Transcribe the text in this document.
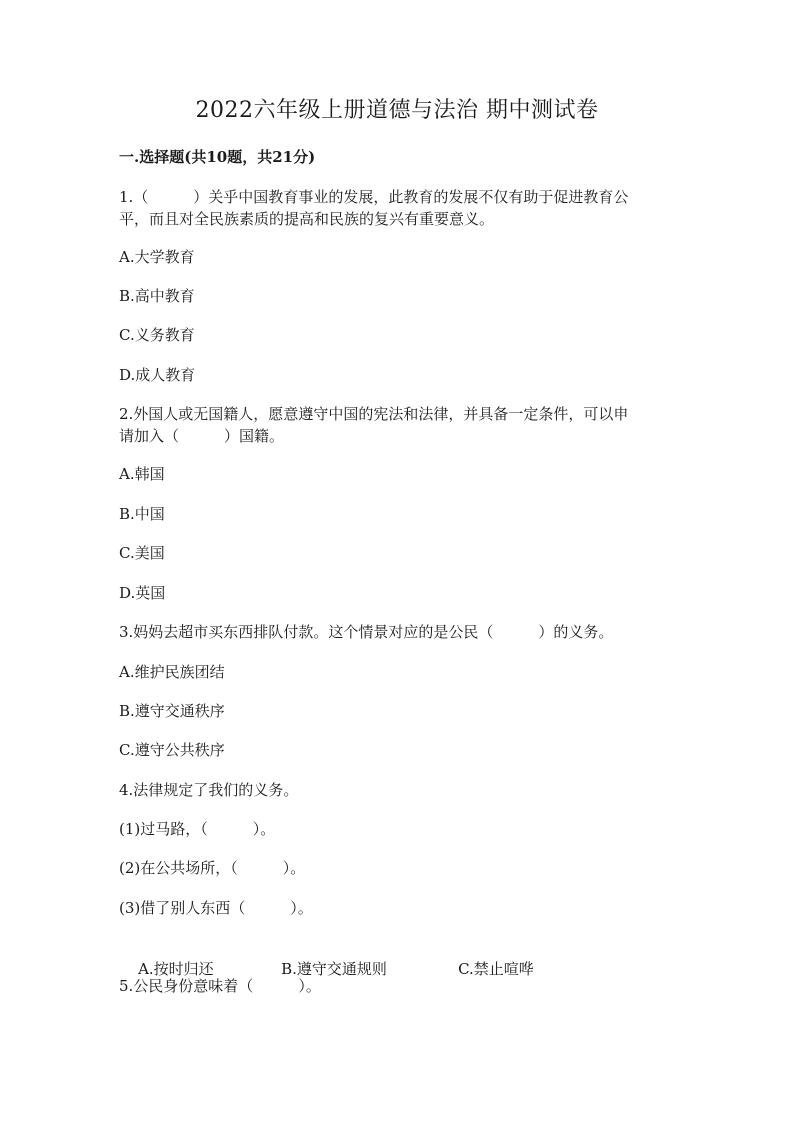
2022六年级上册道德与法治 期中测试卷
一.选择题(共10题，共21分)
1.（　　　）关乎中国教育事业的发展，此教育的发展不仅有助于促进教育公
平，而且对全民族素质的提高和民族的复兴有重要意义。
A.大学教育
B.高中教育
C.义务教育
D.成人教育
2.外国人或无国籍人，愿意遵守中国的宪法和法律，并具备一定条件，可以申
请加入（　　　）国籍。
A.韩国
B.中国
C.美国
D.英国
3.妈妈去超市买东西排队付款。这个情景对应的是公民（　　　）的义务。
A.维护民族团结
B.遵守交通秩序
C.遵守公共秩序
4.法律规定了我们的义务。
(1)过马路，（　　　）。
(2)在公共场所，（　　　）。
(3)借了别人东西（　　　）。

A.按时归还	B.遵守交通规则	C.禁止喧哗

5.公民身份意味着（　　　）。
